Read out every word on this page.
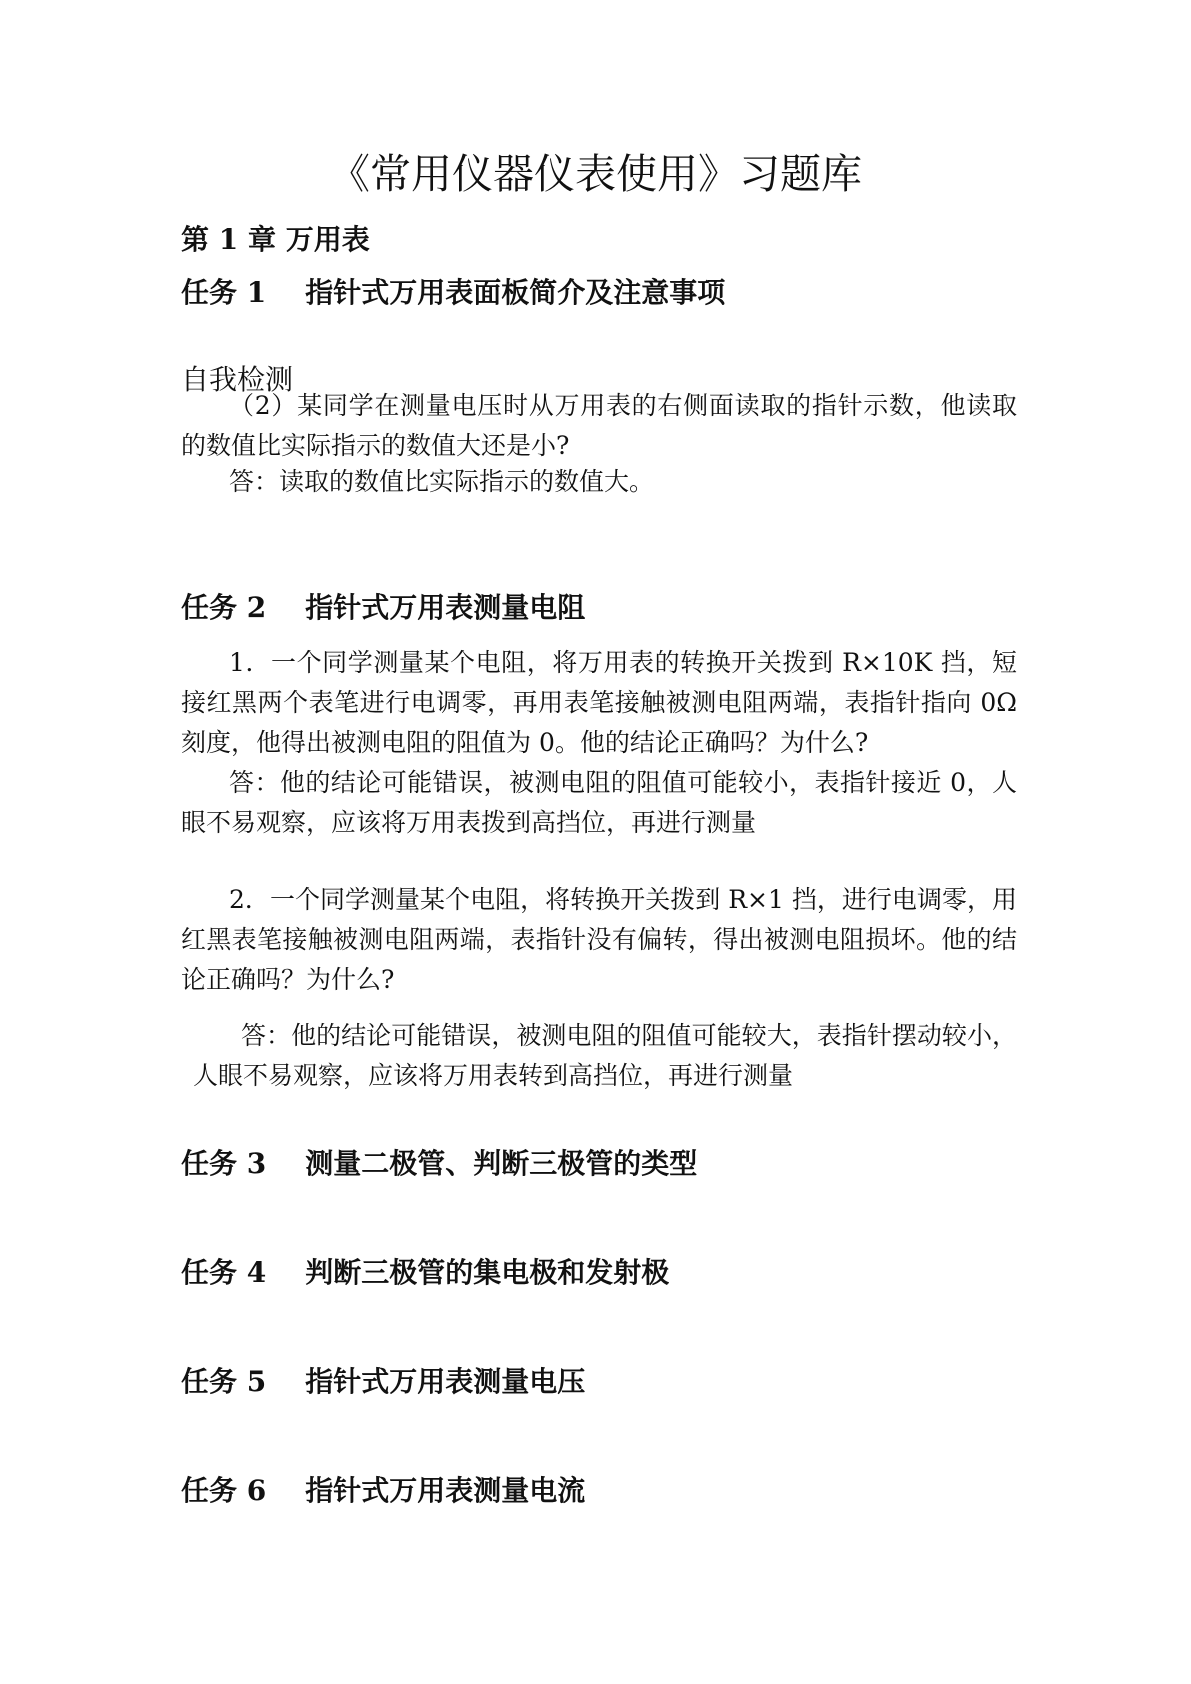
《常用仪器仪表使用》习题库
第 1 章 万用表
任务 1    指针式万用表面板简介及注意事项
自我检测

（2）某同学在测量电压时从万用表的右侧面读取的指针示数，他读取的数值比实际指示的数值大还是小?

答：读取的数值比实际指示的数值大。

任务 2    指针式万用表测量电阻

1．一个同学测量某个电阻，将万用表的转换开关拨到 R×10K 挡，短接红黑两个表笔进行电调零，再用表笔接触被测电阻两端，表指针指向 0Ω 刻度，他得出被测电阻的阻值为 0。他的结论正确吗？为什么?

答：他的结论可能错误，被测电阻的阻值可能较小，表指针接近 0，人眼不易观察，应该将万用表拨到高挡位，再进行测量

2．一个同学测量某个电阻，将转换开关拨到 R×1 挡，进行电调零，用红黑表笔接触被测电阻两端，表指针没有偏转，得出被测电阻损坏。他的结论正确吗？为什么?

答：他的结论可能错误，被测电阻的阻值可能较大，表指针摆动较小，人眼不易观察，应该将万用表转到高挡位，再进行测量

任务 3    测量二极管、判断三极管的类型
任务 4    判断三极管的集电极和发射极
任务 5    指针式万用表测量电压
任务 6    指针式万用表测量电流
